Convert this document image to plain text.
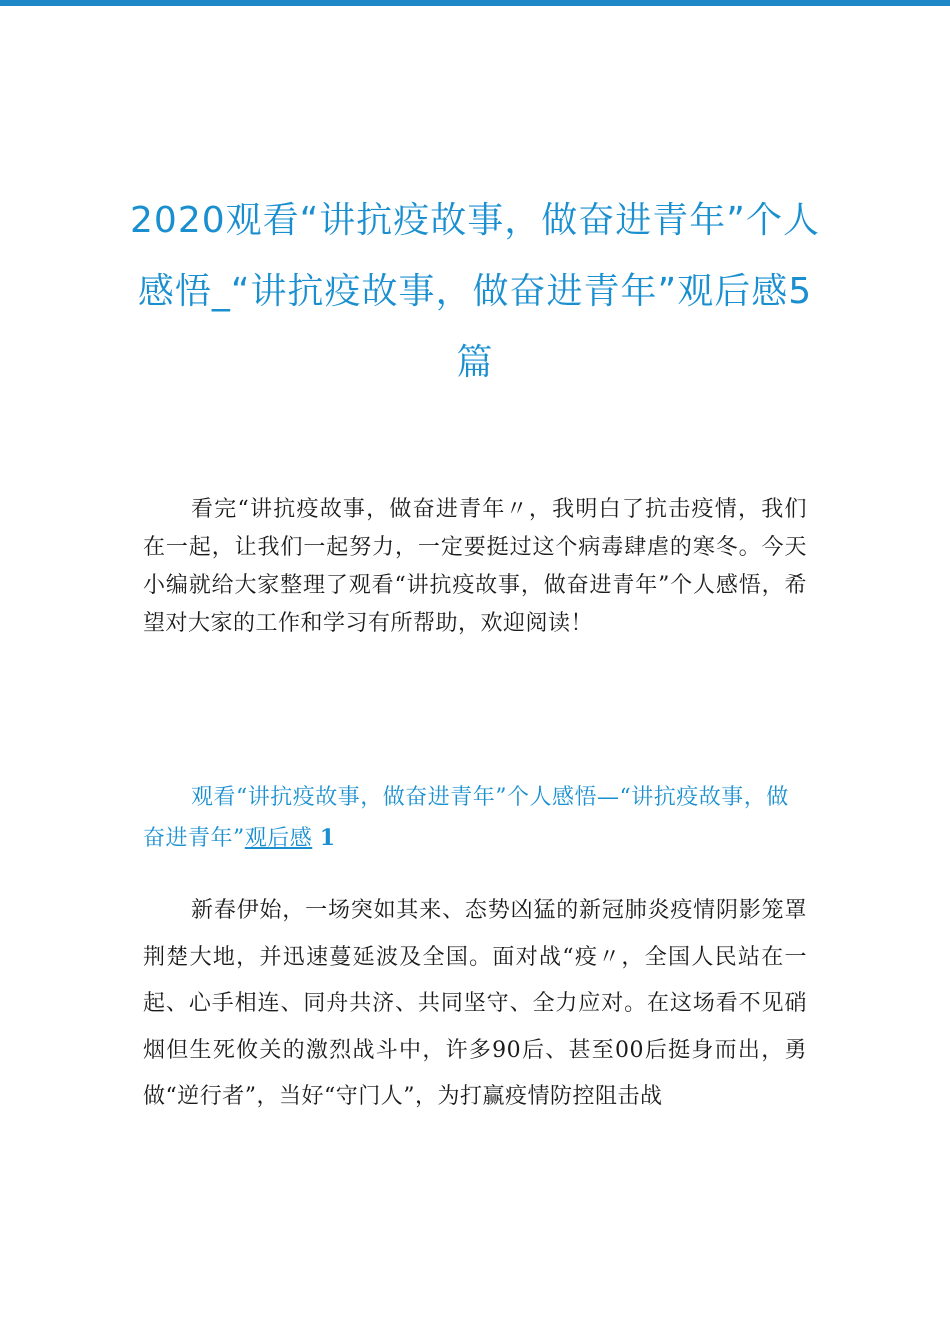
2020观看“讲抗疫故事，做奋进青年”个人感悟_“讲抗疫故事，做奋进青年”观后感5篇

看完“讲抗疫故事，做奋进青年〃，我明白了抗击疫情，我们在一起，让我们一起努力，一定要挺过这个病毒肆虐的寒冬。今天小编就给大家整理了观看“讲抗疫故事，做奋进青年”个人感悟，希望对大家的工作和学习有所帮助，欢迎阅读！

观看“讲抗疫故事，做奋进青年”个人感悟—“讲抗疫故事，做奋进青年”观后感 1

新春伊始，一场突如其来、态势凶猛的新冠肺炎疫情阴影笼罩荆楚大地，并迅速蔓延波及全国。面对战“疫〃，全国人民站在一起、心手相连、同舟共济、共同坚守、全力应对。在这场看不见硝烟但生死攸关的激烈战斗中，许多90后、甚至00后挺身而出，勇做“逆行者”，当好“守门人”，为打赢疫情防控阻击战
